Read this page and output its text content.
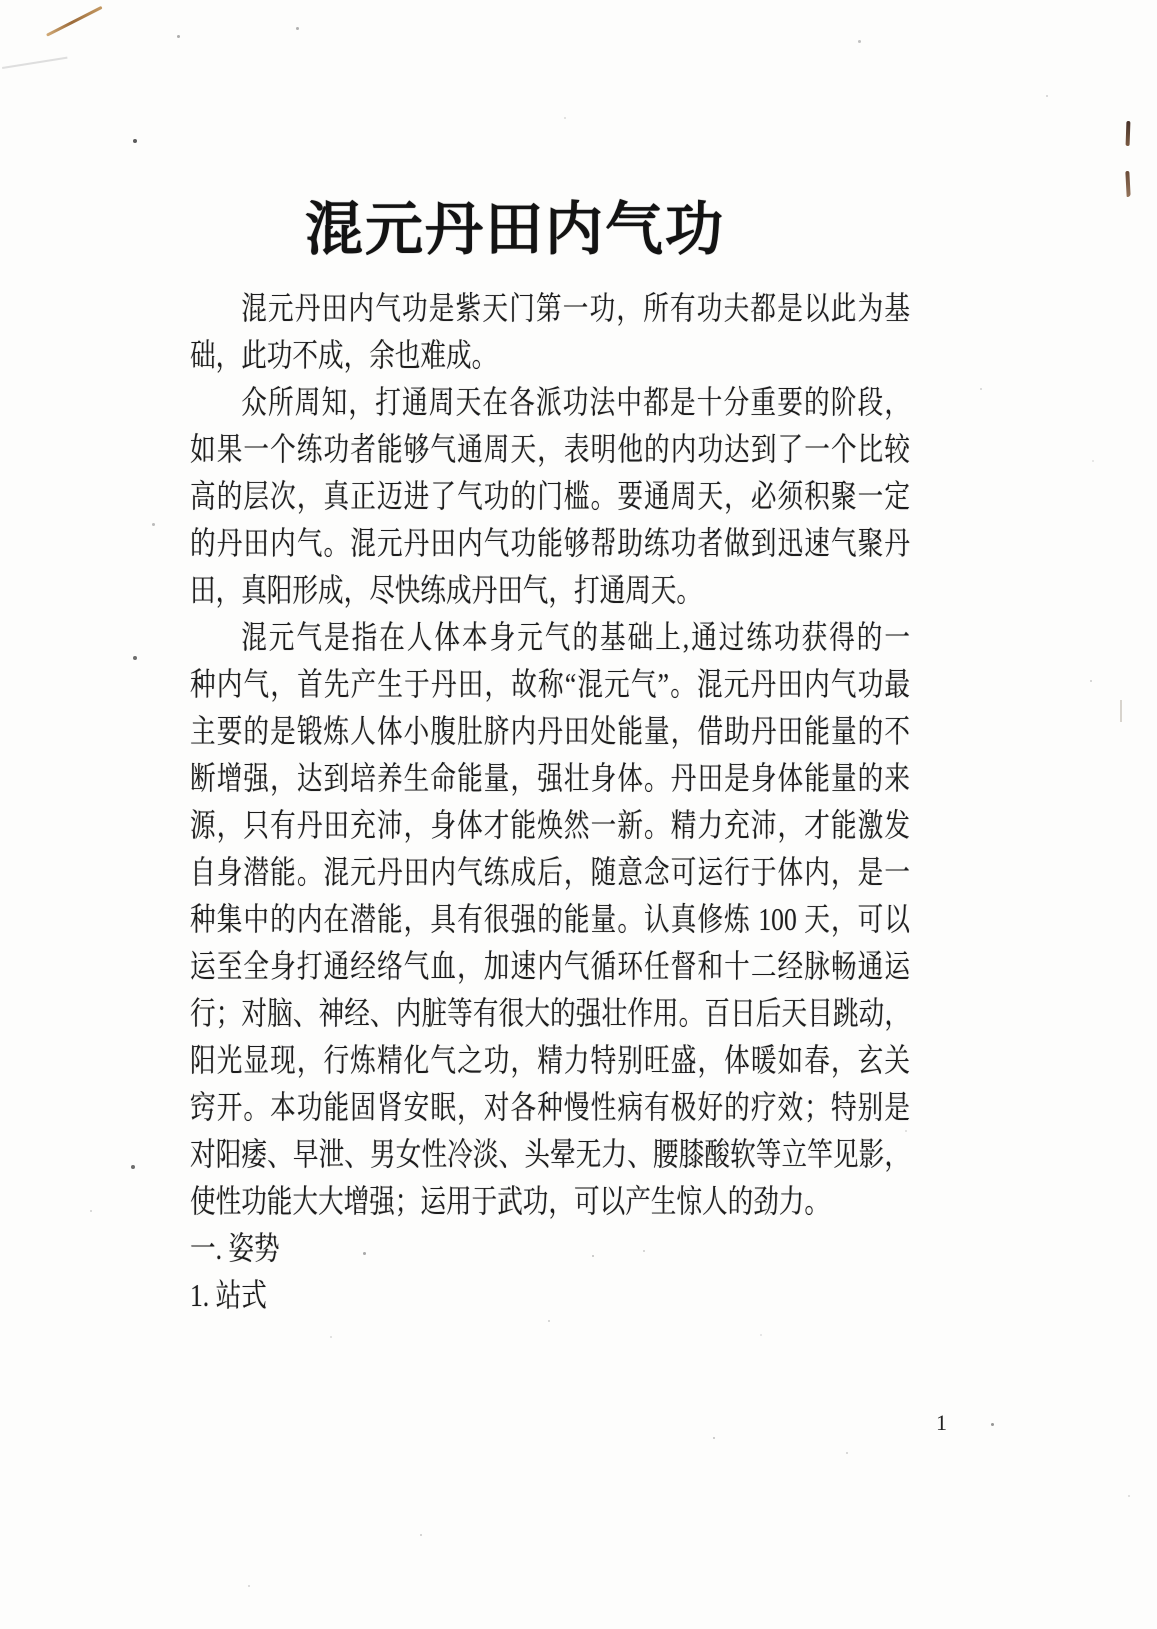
混元丹田内气功
混元丹田内气功是紫天门第一功，所有功夫都是以此为基
础，此功不成，余也难成。
众所周知，打通周天在各派功法中都是十分重要的阶段，
如果一个练功者能够气通周天，表明他的内功达到了一个比较
高的层次，真正迈进了气功的门槛。要通周天，必须积聚一定
的丹田内气。混元丹田内气功能够帮助练功者做到迅速气聚丹
田，真阳形成，尽快练成丹田气，打通周天。
混元气是指在人体本身元气的基础上,通过练功获得的一
种内气，首先产生于丹田，故称“混元气”。混元丹田内气功最
主要的是锻炼人体小腹肚脐内丹田处能量，借助丹田能量的不
断增强，达到培养生命能量，强壮身体。丹田是身体能量的来
源，只有丹田充沛，身体才能焕然一新。精力充沛，才能激发
自身潜能。混元丹田内气练成后，随意念可运行于体内，是一
种集中的内在潜能，具有很强的能量。认真修炼 100 天，可以
运至全身打通经络气血，加速内气循环任督和十二经脉畅通运
行；对脑、神经、内脏等有很大的强壮作用。百日后天目跳动，
阳光显现，行炼精化气之功，精力特别旺盛，体暖如春，玄关
窍开。本功能固肾安眠，对各种慢性病有极好的疗效；特别是
对阳痿、早泄、男女性冷淡、头晕无力、腰膝酸软等立竿见影，
使性功能大大增强；运用于武功，可以产生惊人的劲力。
一. 姿势
1. 站式
1
